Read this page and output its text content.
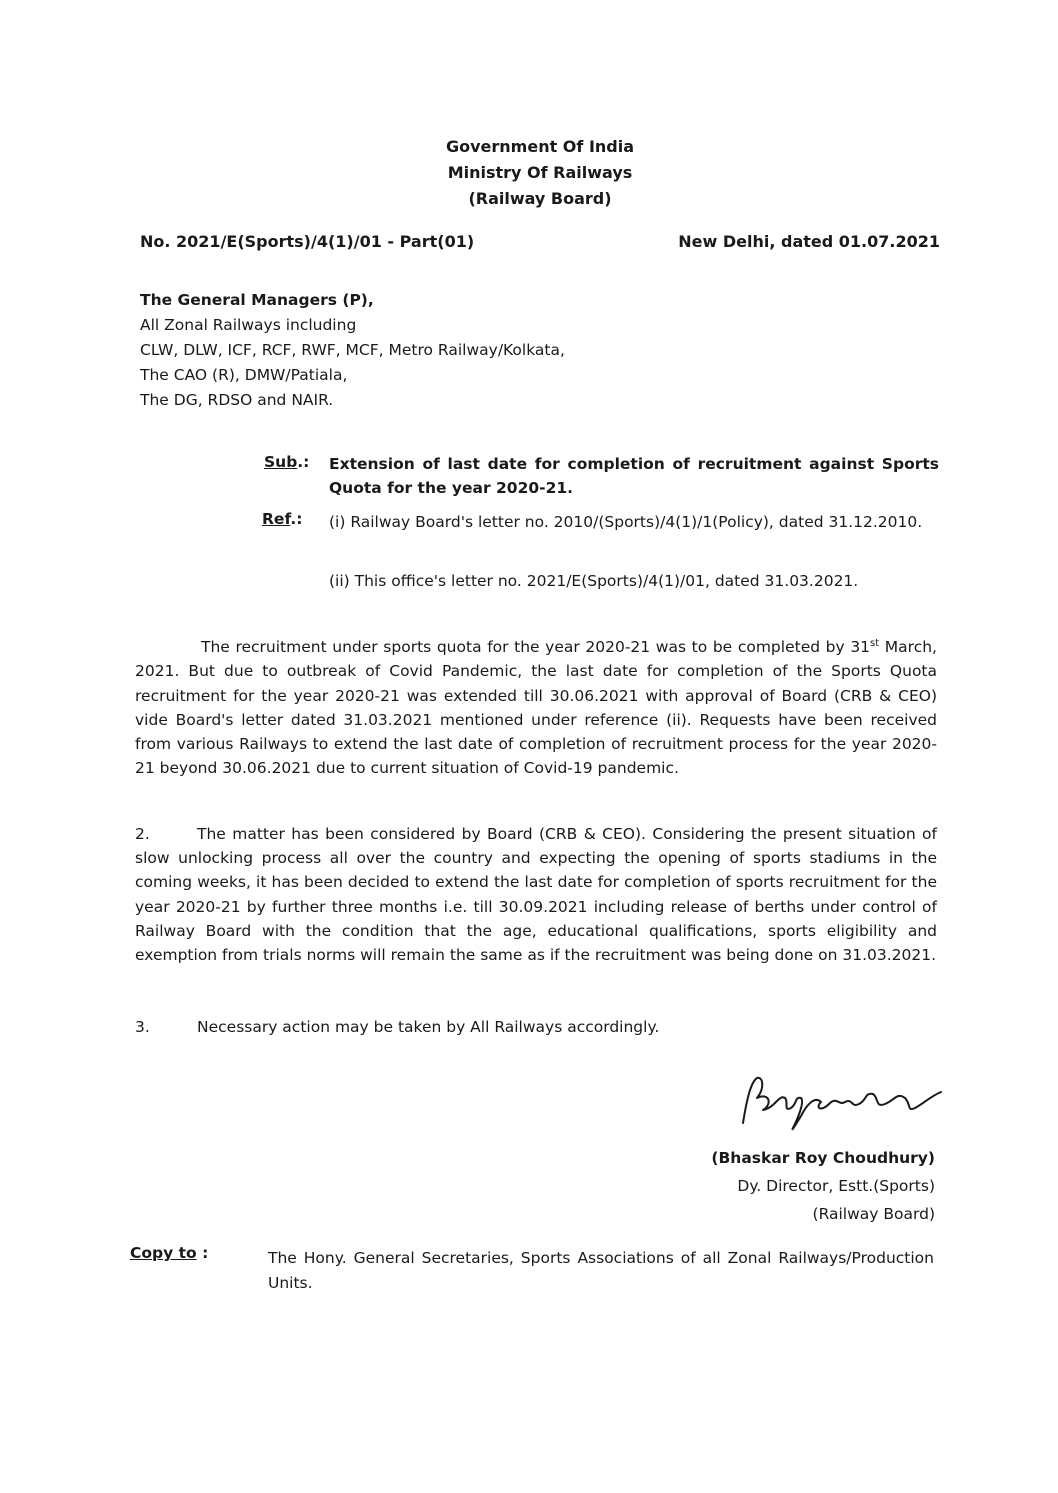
Government Of India
Ministry Of Railways
(Railway Board)
No. 2021/E(Sports)/4(1)/01 - Part(01)	New Delhi, dated 01.07.2021
The General Managers (P),
All Zonal Railways including
CLW, DLW, ICF, RCF, RWF, MCF, Metro Railway/Kolkata,
The CAO (R), DMW/Patiala,
The DG, RDSO and NAIR.
Sub.: Extension of last date for completion of recruitment against Sports Quota for the year 2020-21.
Ref.: (i) Railway Board's letter no. 2010/(Sports)/4(1)/1(Policy), dated 31.12.2010.
(ii) This office's letter no. 2021/E(Sports)/4(1)/01, dated 31.03.2021.
The recruitment under sports quota for the year 2020-21 was to be completed by 31st March, 2021. But due to outbreak of Covid Pandemic, the last date for completion of the Sports Quota recruitment for the year 2020-21 was extended till 30.06.2021 with approval of Board (CRB & CEO) vide Board's letter dated 31.03.2021 mentioned under reference (ii). Requests have been received from various Railways to extend the last date of completion of recruitment process for the year 2020-21 beyond 30.06.2021 due to current situation of Covid-19 pandemic.
2.	The matter has been considered by Board (CRB & CEO). Considering the present situation of slow unlocking process all over the country and expecting the opening of sports stadiums in the coming weeks, it has been decided to extend the last date for completion of sports recruitment for the year 2020-21 by further three months i.e. till 30.09.2021 including release of berths under control of Railway Board with the condition that the age, educational qualifications, sports eligibility and exemption from trials norms will remain the same as if the recruitment was being done on 31.03.2021.
3.	Necessary action may be taken by All Railways accordingly.
(Bhaskar Roy Choudhury)
Dy. Director, Estt.(Sports)
(Railway Board)
Copy to :	The Hony. General Secretaries, Sports Associations of all Zonal Railways/Production Units.
